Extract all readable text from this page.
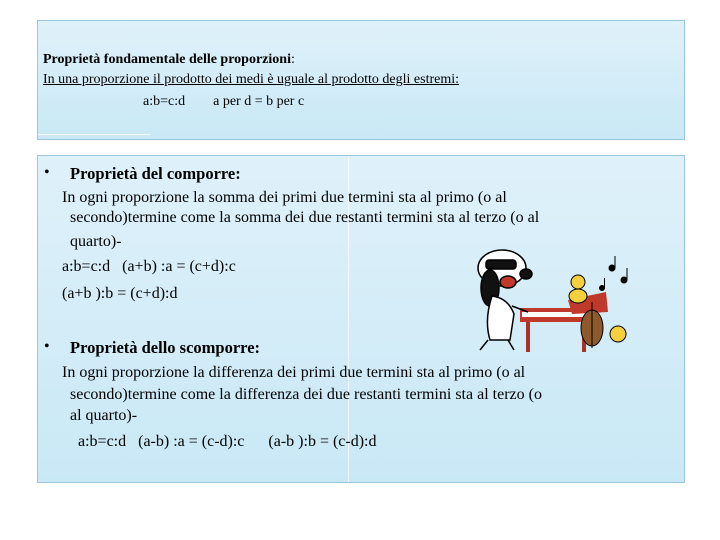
Proprietà fondamentale delle proporzioni:
In una proporzione il prodotto dei medi è uguale al prodotto degli estremi:
a:b=c:d        a per d = b per c
• Proprietà del comporre:
In ogni proporzione la somma dei primi due termini sta al primo (o al
secondo)termine come la somma dei due restanti termini sta al terzo (o al
quarto)-
a:b=c:d   (a+b) :a = (c+d):c
(a+b ):b = (c+d):d
• Proprietà dello scomporre:
In ogni proporzione la differenza dei primi due termini sta al primo (o al
secondo)termine come la differenza dei due restanti termini sta al terzo (o
al quarto)-
a:b=c:d   (a-b) :a = (c-d):c      (a-b ):b = (c-d):d
